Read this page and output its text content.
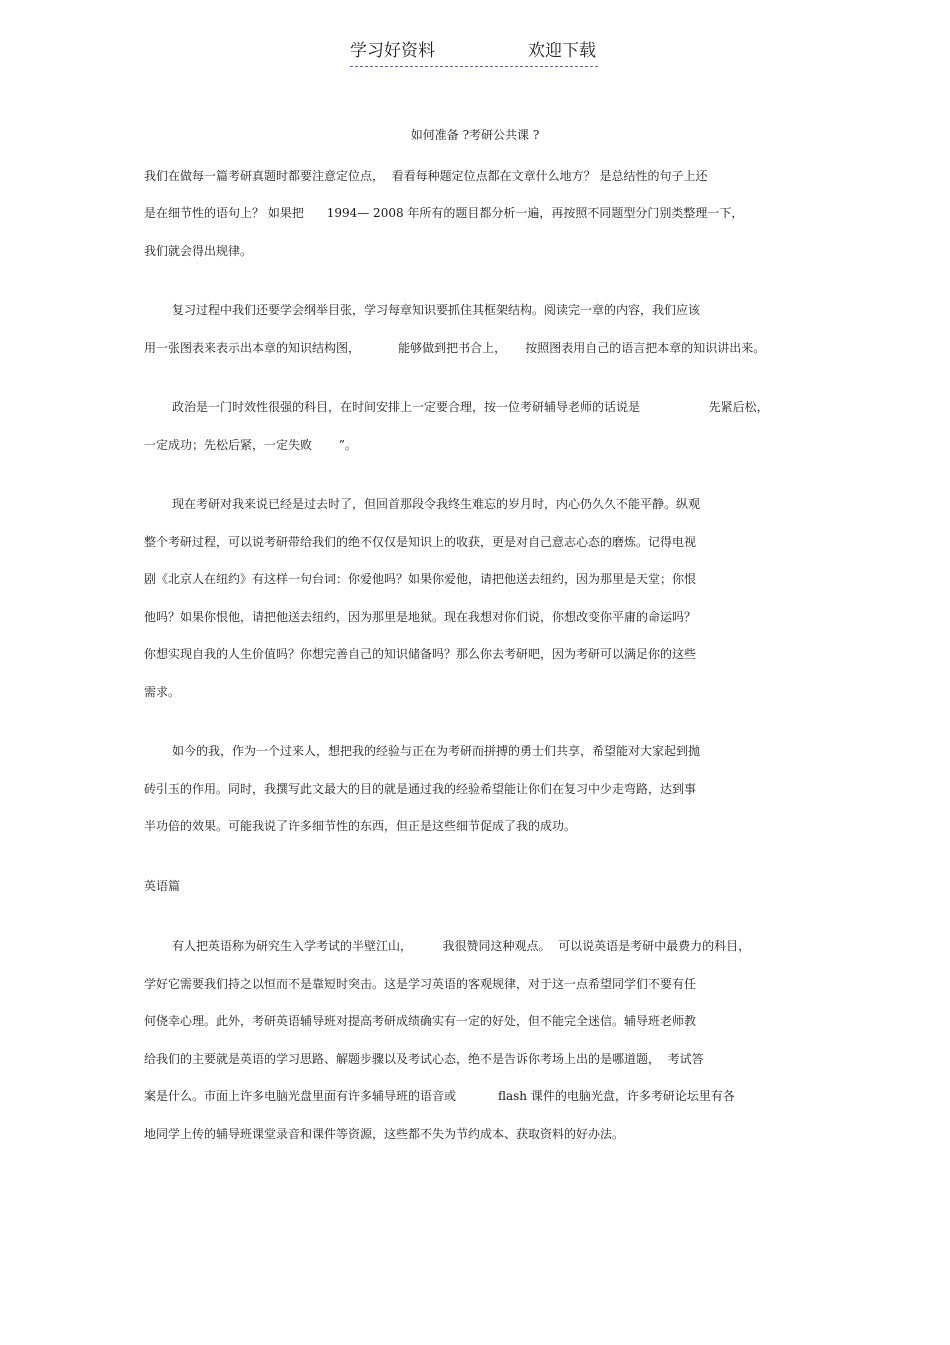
学习好资料	欢迎下载
如何准备 ?考研公共课 ?
我们在做每一篇考研真题时都要注意定位点，  看看每种题定位点都在文章什么地方？ 是总结性的句子上还
是在细节性的语句上？ 如果把      1994— 2008 年所有的题目都分析一遍，再按照不同题型分门别类整理一下，
我们就会得出规律。
复习过程中我们还要学会纲举目张，学习每章知识要抓住其框架结构。阅读完一章的内容，我们应该
用一张图表来表示出本章的知识结构图，          能够做到把书合上，     按照图表用自己的语言把本章的知识讲出来。
政治是一门时效性很强的科目，在时间安排上一定要合理，按一位考研辅导老师的话说是                  先紧后松，
一定成功；先松后紧，一定失败       ”。
现在考研对我来说已经是过去时了，但回首那段令我终生难忘的岁月时，内心仍久久不能平静。纵观
整个考研过程，可以说考研带给我们的绝不仅仅是知识上的收获，更是对自己意志心态的磨炼。记得电视
剧《北京人在纽约》有这样一句台词：你爱他吗？如果你爱他，请把他送去纽约，因为那里是天堂；你恨
他吗？如果你恨他，请把他送去纽约，因为那里是地狱。现在我想对你们说，你想改变你平庸的命运吗？
你想实现自我的人生价值吗？你想完善自己的知识储备吗？那么你去考研吧，因为考研可以满足你的这些
需求。
如今的我，作为一个过来人，想把我的经验与正在为考研而拼搏的勇士们共享，希望能对大家起到抛
砖引玉的作用。同时，我撰写此文最大的目的就是通过我的经验希望能让你们在复习中少走弯路，达到事
半功倍的效果。可能我说了许多细节性的东西，但正是这些细节促成了我的成功。
英语篇
有人把英语称为研究生入学考试的半壁江山，        我很赞同这种观点。  可以说英语是考研中最费力的科目，
学好它需要我们持之以恒而不是靠短时突击。这是学习英语的客观规律，对于这一点希望同学们不要有任
何侥幸心理。此外，考研英语辅导班对提高考研成绩确实有一定的好处，但不能完全迷信。辅导班老师教
给我们的主要就是英语的学习思路、解题步骤以及考试心态，绝不是告诉你考场上出的是哪道题，  考试答
案是什么。市面上许多电脑光盘里面有许多辅导班的语音或           flash 课件的电脑光盘，许多考研论坛里有各
地同学上传的辅导班课堂录音和课件等资源，这些都不失为节约成本、获取资料的好办法。
